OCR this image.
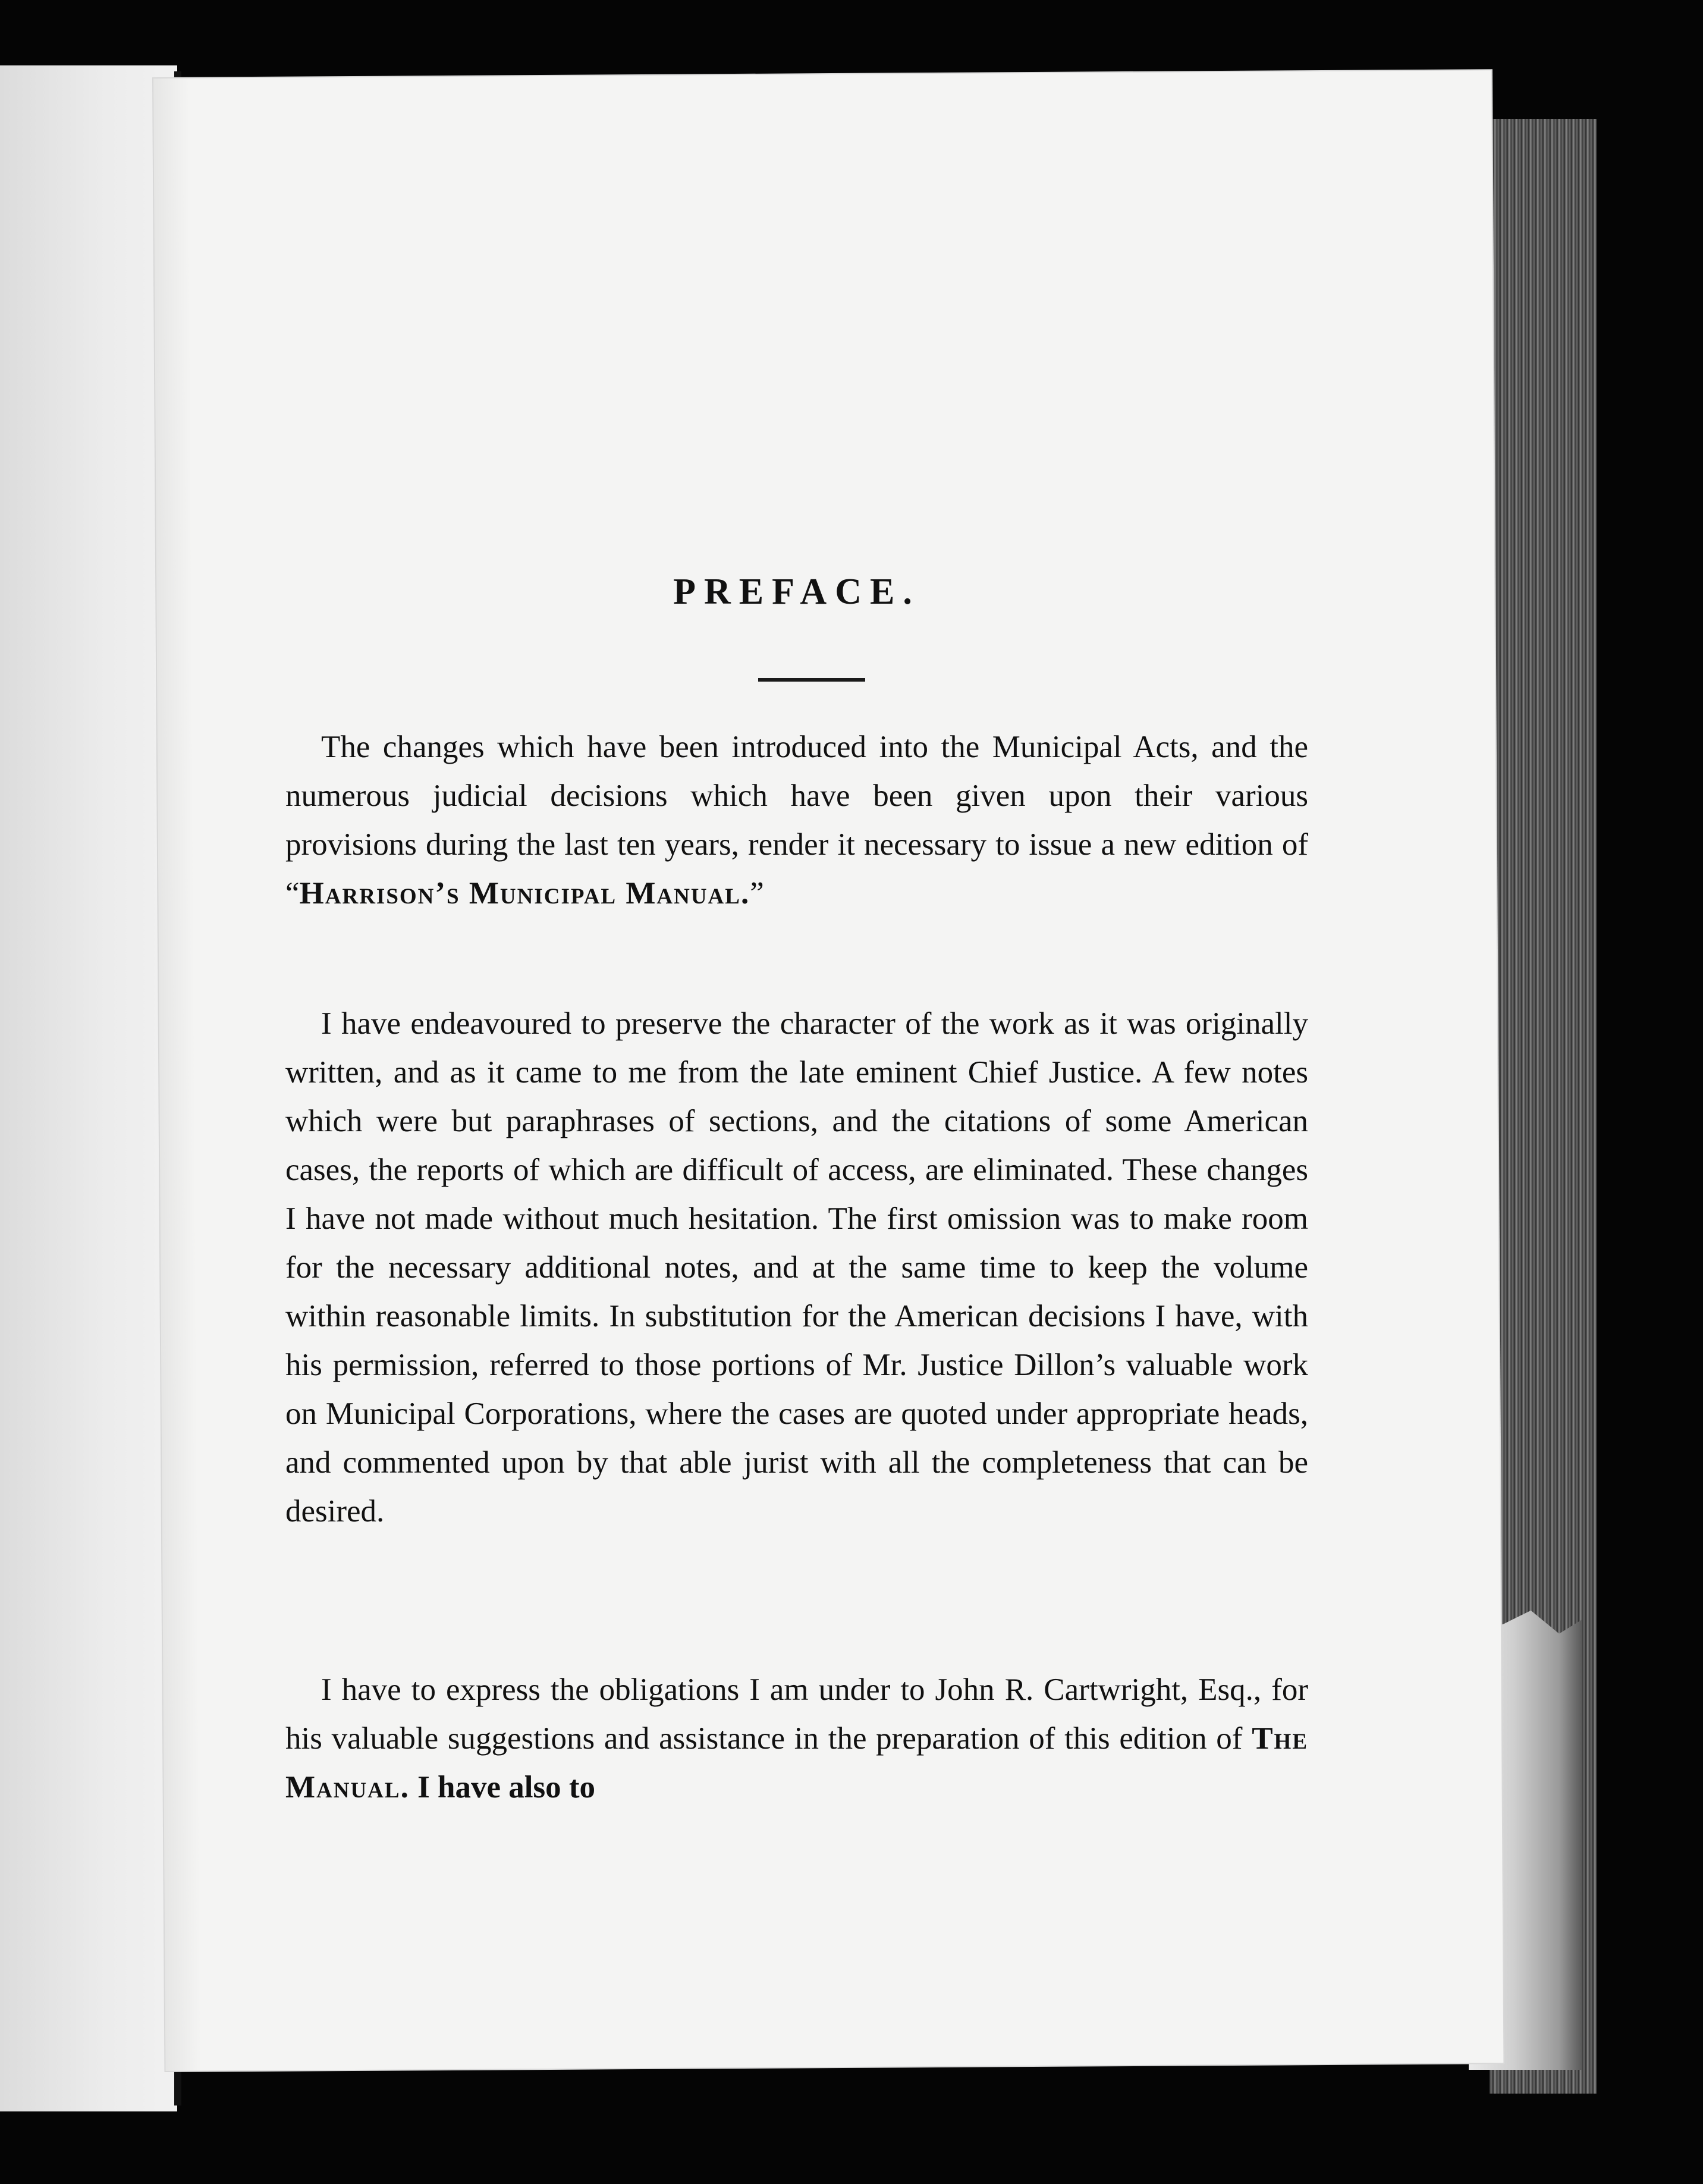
PREFACE.

The changes which have been introduced into the Municipal Acts, and the numerous judicial decisions which have been given upon their various provisions during the last ten years, render it necessary to issue a new edition of “Harrison’s Municipal Manual.”

I have endeavoured to preserve the character of the work as it was originally written, and as it came to me from the late eminent Chief Justice. A few notes which were but paraphrases of sections, and the citations of some American cases, the reports of which are difficult of access, are eliminated. These changes I have not made without much hesitation. The first omission was to make room for the necessary additional notes, and at the same time to keep the volume within reasonable limits. In substitution for the American decisions I have, with his permission, referred to those portions of Mr. Justice Dillon’s valuable work on Municipal Corporations, where the cases are quoted under appropriate heads, and commented upon by that able jurist with all the completeness that can be desired.

I have to express the obligations I am under to John R. Cartwright, Esq., for his valuable suggestions and assistance in the preparation of this edition of The Manual. I have also to
